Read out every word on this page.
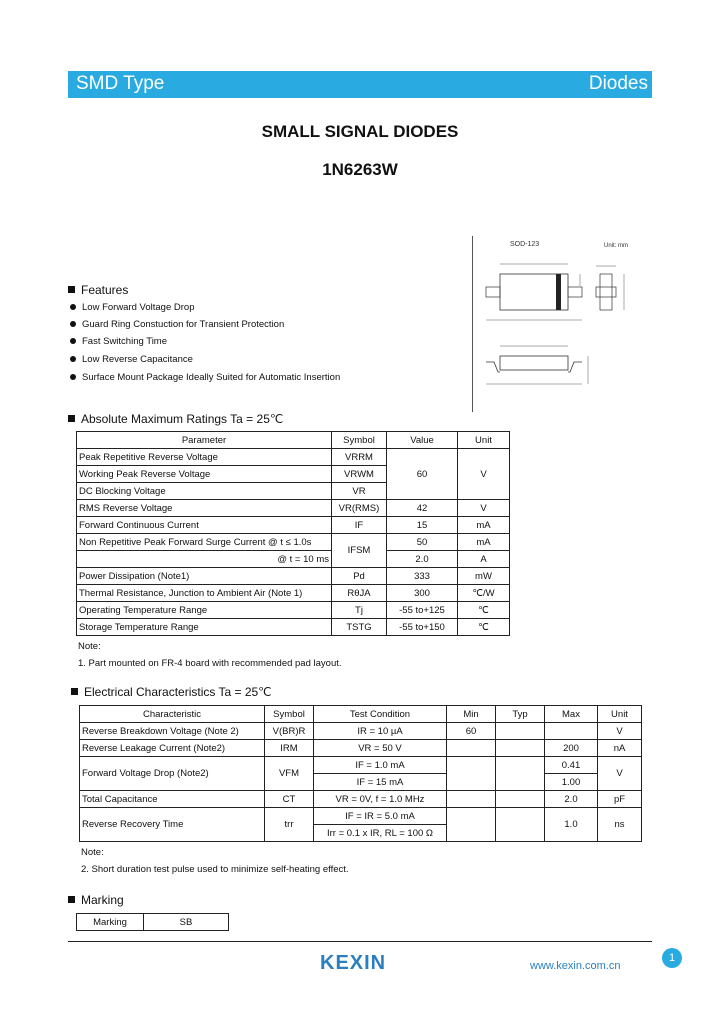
SMD Type	Diodes
SMALL SIGNAL DIODES
1N6263W
SOD-123	Unit: mm
Features
Low Forward Voltage Drop
Guard Ring Constuction for Transient Protection
Fast Switching Time
Low Reverse Capacitance
Surface Mount Package Ideally Suited for Automatic Insertion
Absolute Maximum Ratings Ta = 25℃
Parameter	Symbol	Value	Unit
Peak Repetitive Reverse Voltage	VRRM	60	V
Working Peak Reverse Voltage	VRWM		
DC Blocking Voltage	VR		
RMS Reverse Voltage	VR(RMS)	42	V
Forward Continuous Current	IF	15	mA
Non Repetitive Peak Forward Surge Current @ t ≤ 1.0s	IFSM	50	mA
@ t = 10 ms		2.0	A
Power Dissipation (Note1)	Pd	333	mW
Thermal Resistance, Junction to Ambient Air (Note 1)	RθJA	300	℃/W
Operating Temperature Range	Tj	-55 to+125	℃
Storage Temperature Range	TSTG	-55 to+150	℃
Note:
1. Part mounted on FR-4 board with recommended pad layout.
Electrical Characteristics Ta = 25℃
Characteristic	Symbol	Test Condition	Min	Typ	Max	Unit
Reverse Breakdown Voltage (Note 2)	V(BR)R	IR = 10 µA	60			V
Reverse Leakage Current (Note2)	IRM	VR = 50 V			200	nA
Forward Voltage Drop (Note2)	VFM	IF = 1.0 mA			0.41	V
		IF = 15 mA			1.00	
Total Capacitance	CT	VR = 0V, f = 1.0 MHz			2.0	pF
Reverse Recovery Time	trr	IF = IR = 5.0 mA			1.0	ns
		Irr = 0.1 x IR, RL = 100 Ω				
Note:
2. Short duration test pulse used to minimize self-heating effect.
Marking
Marking	SB
KEXIN	www.kexin.com.cn
1
